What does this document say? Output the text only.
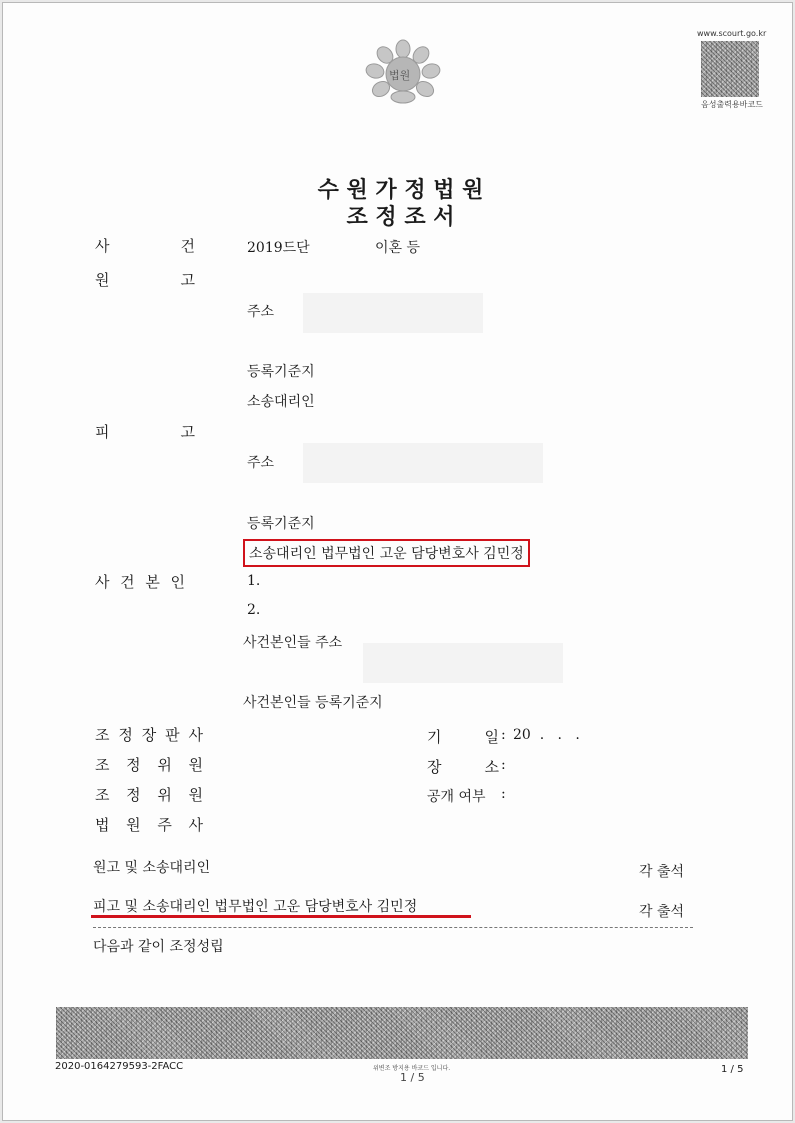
법원
www.scourt.go.kr
음성출력용바코드
수 원 가 정 법 원
조 정 조 서
사	건	2019드단	이혼 등
원	고
주소
등록기준지
소송대리인
피	고
주소
등록기준지
소송대리인 법무법인 고운 담당변호사 김민정
사 건 본 인	1.
2.
사건본인들 주소
사건본인들 등록기준지
조 정 장 판 사
조 정 위 원
조 정 위 원
법 원 주 사
기	일 : 20  .   .   .
장	소 :
공개 여부 :
원고 및 소송대리인	각 출석
피고 및 소송대리인 법무법인 고운 담당변호사 김민정	각 출석
다음과 같이 조정성립
2020-0164279593-2FACC	위변조 방지용 바코드 입니다.
1 / 5
1 / 5
